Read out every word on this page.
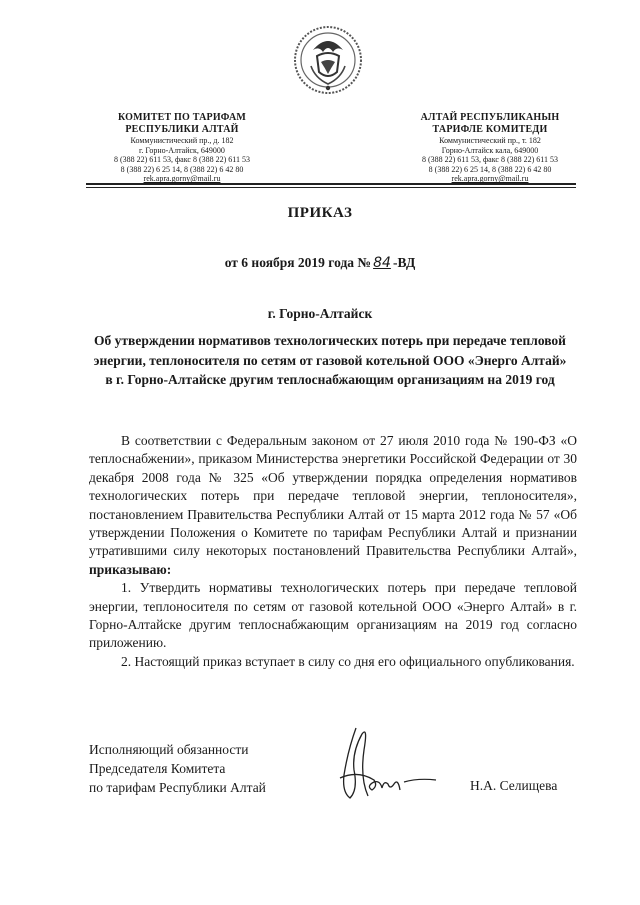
КОМИТЕТ ПО ТАРИФАМ
РЕСПУБЛИКИ АЛТАЙ
Коммунистический пр., д. 182
г. Горно-Алтайск, 649000
8 (388 22) 611 53, факс 8 (388 22) 611 53
8 (388 22) 6 25 14, 8 (388 22) 6 42 80
rek.apra.gorny@mail.ru
АЛТАЙ РЕСПУБЛИКАНЫН
ТАРИФЛЕ КОМИТЕДИ
Коммунистический пр., т. 182
Горно-Алтайск кала, 649000
8 (388 22) 611 53, факс 8 (388 22) 611 53
8 (388 22) 6 25 14, 8 (388 22) 6 42 80
rek.apra.gorny@mail.ru
ПРИКАЗ
от 6 ноября 2019 года № 84 -ВД
г. Горно-Алтайск
Об утверждении нормативов технологических потерь при передаче тепловой энергии, теплоносителя по сетям от газовой котельной ООО «Энерго Алтай» в г. Горно-Алтайске другим теплоснабжающим организациям на 2019 год

В соответствии с Федеральным законом от 27 июля 2010 года № 190-ФЗ «О теплоснабжении», приказом Министерства энергетики Российской Федерации от 30 декабря 2008 года № 325 «Об утверждении порядка определения нормативов технологических потерь при передаче тепловой энергии, теплоносителя», постановлением Правительства Республики Алтай от 15 марта 2012 года № 57 «Об утверждении Положения о Комитете по тарифам Республики Алтай и признании утратившими силу некоторых постановлений Правительства Республики Алтай», приказываю:

1. Утвердить нормативы технологических потерь при передаче тепловой энергии, теплоносителя по сетям от газовой котельной ООО «Энерго Алтай» в г. Горно-Алтайске другим теплоснабжающим организациям на 2019 год согласно приложению.

2. Настоящий приказ вступает в силу со дня его официального опубликования.

Исполняющий обязанности
Председателя Комитета
по тарифам Республики Алтай	Н.А. Селищева
